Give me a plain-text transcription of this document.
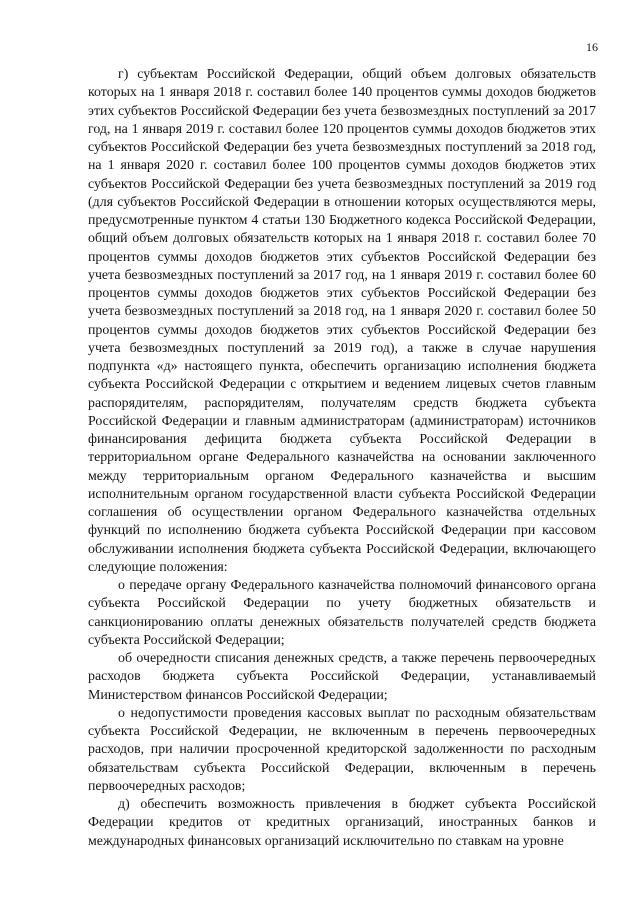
16

г) субъектам Российской Федерации, общий объем долговых обязательств которых на 1 января 2018 г. составил более 140 процентов суммы доходов бюджетов этих субъектов Российской Федерации без учета безвозмездных поступлений за 2017 год, на 1 января 2019 г. составил более 120 процентов суммы доходов бюджетов этих субъектов Российской Федерации без учета безвозмездных поступлений за 2018 год, на 1 января 2020 г. составил более 100 процентов суммы доходов бюджетов этих субъектов Российской Федерации без учета безвозмездных поступлений за 2019 год (для субъектов Российской Федерации в отношении которых осуществляются меры, предусмотренные пунктом 4 статьи 130 Бюджетного кодекса Российской Федерации, общий объем долговых обязательств которых на 1 января 2018 г. составил более 70 процентов суммы доходов бюджетов этих субъектов Российской Федерации без учета безвозмездных поступлений за 2017 год, на 1 января 2019 г. составил более 60 процентов суммы доходов бюджетов этих субъектов Российской Федерации без учета безвозмездных поступлений за 2018 год, на 1 января 2020 г. составил более 50 процентов суммы доходов бюджетов этих субъектов Российской Федерации без учета безвозмездных поступлений за 2019 год), а также в случае нарушения подпункта «д» настоящего пункта, обеспечить организацию исполнения бюджета субъекта Российской Федерации с открытием и ведением лицевых счетов главным распорядителям, распорядителям, получателям средств бюджета субъекта Российской Федерации и главным администраторам (администраторам) источников финансирования дефицита бюджета субъекта Российской Федерации в территориальном органе Федерального казначейства на основании заключенного между территориальным органом Федерального казначейства и высшим исполнительным органом государственной власти субъекта Российской Федерации соглашения об осуществлении органом Федерального казначейства отдельных функций по исполнению бюджета субъекта Российской Федерации при кассовом обслуживании исполнения бюджета субъекта Российской Федерации, включающего следующие положения:

о передаче органу Федерального казначейства полномочий финансового органа субъекта Российской Федерации по учету бюджетных обязательств и санкционированию оплаты денежных обязательств получателей средств бюджета субъекта Российской Федерации;

об очередности списания денежных средств, а также перечень первоочередных расходов бюджета субъекта Российской Федерации, устанавливаемый Министерством финансов Российской Федерации;

о недопустимости проведения кассовых выплат по расходным обязательствам субъекта Российской Федерации, не включенным в перечень первоочередных расходов, при наличии просроченной кредиторской задолженности по расходным обязательствам субъекта Российской Федерации, включенным в перечень первоочередных расходов;

д) обеспечить возможность привлечения в бюджет субъекта Российской Федерации кредитов от кредитных организаций, иностранных банков и международных финансовых организаций исключительно по ставкам на уровне
